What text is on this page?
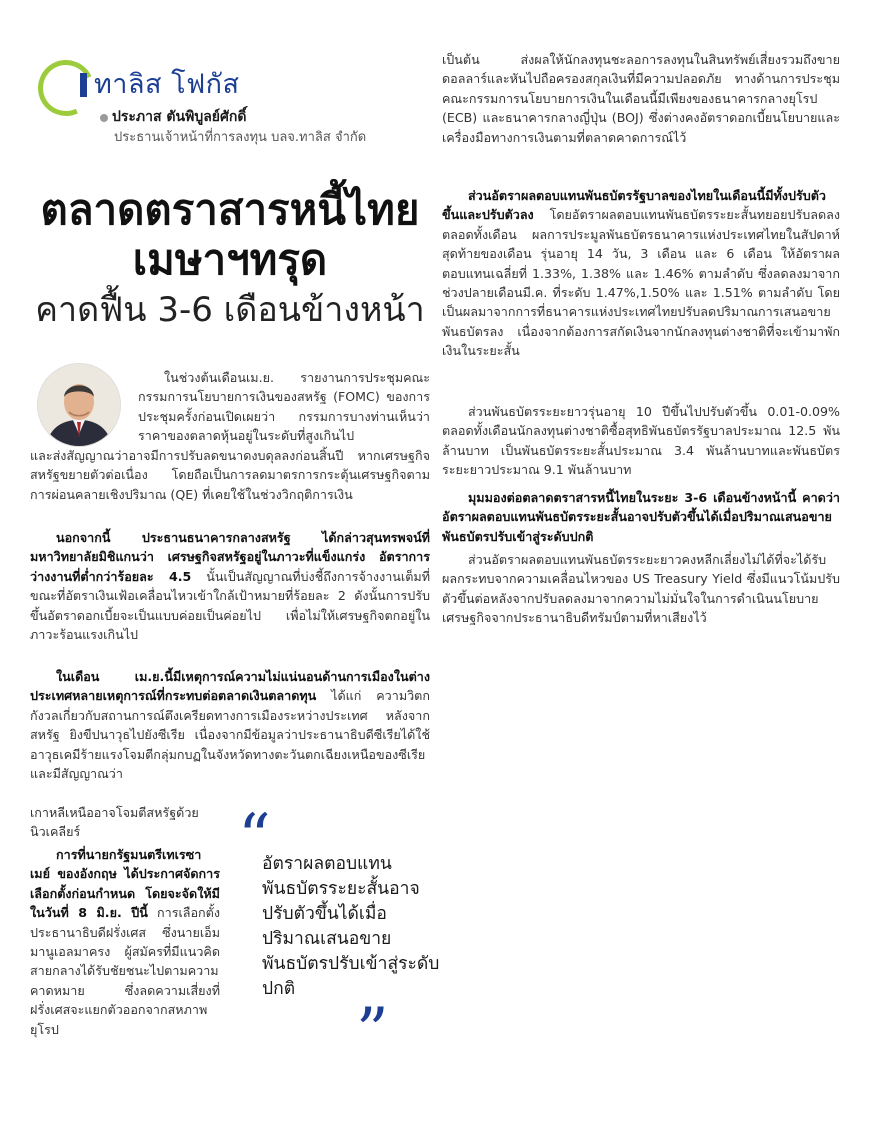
ทาลิส โฟกัส
ประภาส ตันพิบูลย์ศักดิ์
ประธานเจ้าหน้าที่การลงทุน บลจ.ทาลิส จำกัด
ตลาดตราสารหนี้ไทย
เมษาฯทรุด
คาดฟื้น 3-6 เดือนข้างหน้า
ในช่วงต้นเดือนเม.ย. รายงานการประชุมคณะกรรมการนโยบายการเงินของสหรัฐ (FOMC) ของการประชุมครั้งก่อนเปิดเผยว่า กรรมการบางท่านเห็นว่าราคาของตลาดหุ้นอยู่ในระดับที่สูงเกินไป
และส่งสัญญาณว่าอาจมีการปรับลดขนาดงบดุลลงก่อนสิ้นปี หากเศรษฐกิจสหรัฐขยายตัวต่อเนื่อง โดยถือเป็นการลดมาตรการกระตุ้นเศรษฐกิจตามการผ่อนคลายเชิงปริมาณ (QE) ที่เคยใช้ในช่วงวิกฤติการเงิน
นอกจากนี้ ประธานธนาคารกลางสหรัฐ ได้กล่าวสุนทรพจน์ที่มหาวิทยาลัยมิชิแกนว่า เศรษฐกิจสหรัฐอยู่ในภาวะที่แข็งแกร่ง อัตราการว่างงานที่ต่ำกว่าร้อยละ 4.5 นั้นเป็นสัญญาณที่บ่งชี้ถึงการจ้างงานเต็มที่ ขณะที่อัตราเงินเฟ้อเคลื่อนไหวเข้าใกล้เป้าหมายที่ร้อยละ 2 ดังนั้นการปรับขึ้นอัตราดอกเบี้ยจะเป็นแบบค่อยเป็นค่อยไป เพื่อไม่ให้เศรษฐกิจตกอยู่ในภาวะร้อนแรงเกินไป
ในเดือน เม.ย.นี้มีเหตุการณ์ความไม่แน่นอนด้านการเมืองในต่างประเทศหลายเหตุการณ์ที่กระทบต่อตลาดเงินตลาดทุน ได้แก่ ความวิตกกังวลเกี่ยวกับสถานการณ์ตึงเครียดทางการเมืองระหว่างประเทศ หลังจากสหรัฐ ยิงขีปนาวุธไปยังซีเรีย เนื่องจากมีข้อมูลว่าประธานาธิบดีซีเรียได้ใช้อาวุธเคมีร้ายแรงโจมตีกลุ่มกบฏในจังหวัดทางตะวันตกเฉียงเหนือของซีเรีย และมีสัญญาณว่า
เกาหลีเหนืออาจโจมตีสหรัฐด้วยนิวเคลียร์
การที่นายกรัฐมนตรีเทเรซา เมย์ ของอังกฤษ ได้ประกาศจัดการเลือกตั้งก่อนกำหนด โดยจะจัดให้มีในวันที่ 8 มิ.ย. ปีนี้ การเลือกตั้งประธานาธิบดีฝรั่งเศส ซึ่งนายเอ็มมานูเอลมาครง ผู้สมัครที่มีแนวคิดสายกลางได้รับชัยชนะไปตามความคาดหมาย ซึ่งลดความเสี่ยงที่ฝรั่งเศสจะแยกตัวออกจากสหภาพยุโรป
“
อัตราผลตอบแทนพันธบัตรระยะสั้นอาจปรับตัวขึ้นได้เมื่อปริมาณเสนอขายพันธบัตรปรับเข้าสู่ระดับปกติ
”
เป็นต้น ส่งผลให้นักลงทุนชะลอการลงทุนในสินทรัพย์เสี่ยงรวมถึงขายดอลลาร์และหันไปถือครองสกุลเงินที่มีความปลอดภัย ทางด้านการประชุมคณะกรรมการนโยบายการเงินในเดือนนี้มีเพียงของธนาคารกลางยุโรป (ECB) และธนาคารกลางญี่ปุ่น (BOJ) ซึ่งต่างคงอัตราดอกเบี้ยนโยบายและเครื่องมือทางการเงินตามที่ตลาดคาดการณ์ไว้
ส่วนอัตราผลตอบแทนพันธบัตรรัฐบาลของไทยในเดือนนี้มีทั้งปรับตัวขึ้นและปรับตัวลง โดยอัตราผลตอบแทนพันธบัตรระยะสั้นทยอยปรับลดลงตลอดทั้งเดือน ผลการประมูลพันธบัตรธนาคารแห่งประเทศไทยในสัปดาห์สุดท้ายของเดือน รุ่นอายุ 14 วัน, 3 เดือน และ 6 เดือน ให้อัตราผลตอบแทนเฉลี่ยที่ 1.33%, 1.38% และ 1.46% ตามลำดับ ซึ่งลดลงมาจากช่วงปลายเดือนมี.ค. ที่ระดับ 1.47%,1.50% และ 1.51% ตามลำดับ โดยเป็นผลมาจากการที่ธนาคารแห่งประเทศไทยปรับลดปริมาณการเสนอขายพันธบัตรลง เนื่องจากต้องการสกัดเงินจากนักลงทุนต่างชาติที่จะเข้ามาพักเงินในระยะสั้น
ส่วนพันธบัตรระยะยาวรุ่นอายุ 10 ปีขึ้นไปปรับตัวขึ้น 0.01-0.09% ตลอดทั้งเดือนนักลงทุนต่างชาติซื้อสุทธิพันธบัตรรัฐบาลประมาณ 12.5 พันล้านบาท เป็นพันธบัตรระยะสั้นประมาณ 3.4 พันล้านบาทและพันธบัตรระยะยาวประมาณ 9.1 พันล้านบาท
มุมมองต่อตลาดตราสารหนี้ไทยในระยะ 3-6 เดือนข้างหน้านี้ คาดว่าอัตราผลตอบแทนพันธบัตรระยะสั้นอาจปรับตัวขึ้นได้เมื่อปริมาณเสนอขายพันธบัตรปรับเข้าสู่ระดับปกติ
ส่วนอัตราผลตอบแทนพันธบัตรระยะยาวคงหลีกเลี่ยงไม่ได้ที่จะได้รับผลกระทบจากความเคลื่อนไหวของ US Treasury Yield ซึ่งมีแนวโน้มปรับตัวขึ้นต่อหลังจากปรับลดลงมาจากความไม่มั่นใจในการดำเนินนโยบายเศรษฐกิจจากประธานาธิบดีทรัมป์ตามที่หาเสียงไว้
